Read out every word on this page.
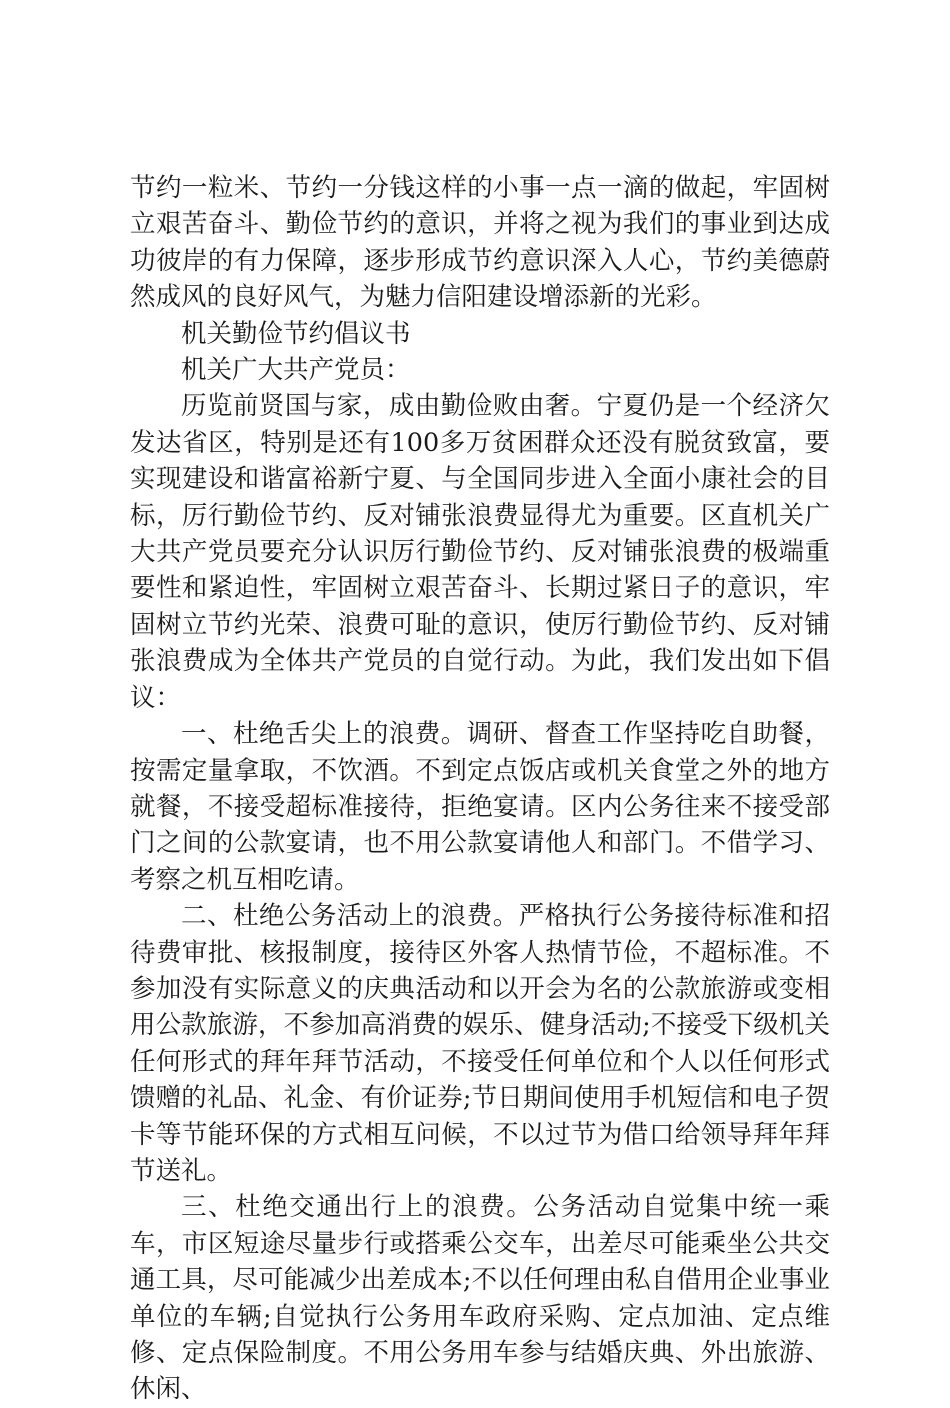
节约一粒米、节约一分钱这样的小事一点一滴的做起，牢固树立艰苦奋斗、勤俭节约的意识，并将之视为我们的事业到达成功彼岸的有力保障，逐步形成节约意识深入人心，节约美德蔚然成风的良好风气，为魅力信阳建设增添新的光彩。

机关勤俭节约倡议书

机关广大共产党员：

历览前贤国与家，成由勤俭败由奢。宁夏仍是一个经济欠发达省区，特别是还有100多万贫困群众还没有脱贫致富，要实现建设和谐富裕新宁夏、与全国同步进入全面小康社会的目标，厉行勤俭节约、反对铺张浪费显得尤为重要。区直机关广大共产党员要充分认识厉行勤俭节约、反对铺张浪费的极端重要性和紧迫性，牢固树立艰苦奋斗、长期过紧日子的意识，牢固树立节约光荣、浪费可耻的意识，使厉行勤俭节约、反对铺张浪费成为全体共产党员的自觉行动。为此，我们发出如下倡议：

一、杜绝舌尖上的浪费。调研、督查工作坚持吃自助餐，按需定量拿取，不饮酒。不到定点饭店或机关食堂之外的地方就餐，不接受超标准接待，拒绝宴请。区内公务往来不接受部门之间的公款宴请，也不用公款宴请他人和部门。不借学习、考察之机互相吃请。

二、杜绝公务活动上的浪费。严格执行公务接待标准和招待费审批、核报制度，接待区外客人热情节俭，不超标准。不参加没有实际意义的庆典活动和以开会为名的公款旅游或变相用公款旅游，不参加高消费的娱乐、健身活动;不接受下级机关任何形式的拜年拜节活动，不接受任何单位和个人以任何形式馈赠的礼品、礼金、有价证券;节日期间使用手机短信和电子贺卡等节能环保的方式相互问候，不以过节为借口给领导拜年拜节送礼。

三、杜绝交通出行上的浪费。公务活动自觉集中统一乘车，市区短途尽量步行或搭乘公交车，出差尽可能乘坐公共交通工具，尽可能减少出差成本;不以任何理由私自借用企业事业单位的车辆;自觉执行公务用车政府采购、定点加油、定点维修、定点保险制度。不用公务用车参与结婚庆典、外出旅游、休闲、
